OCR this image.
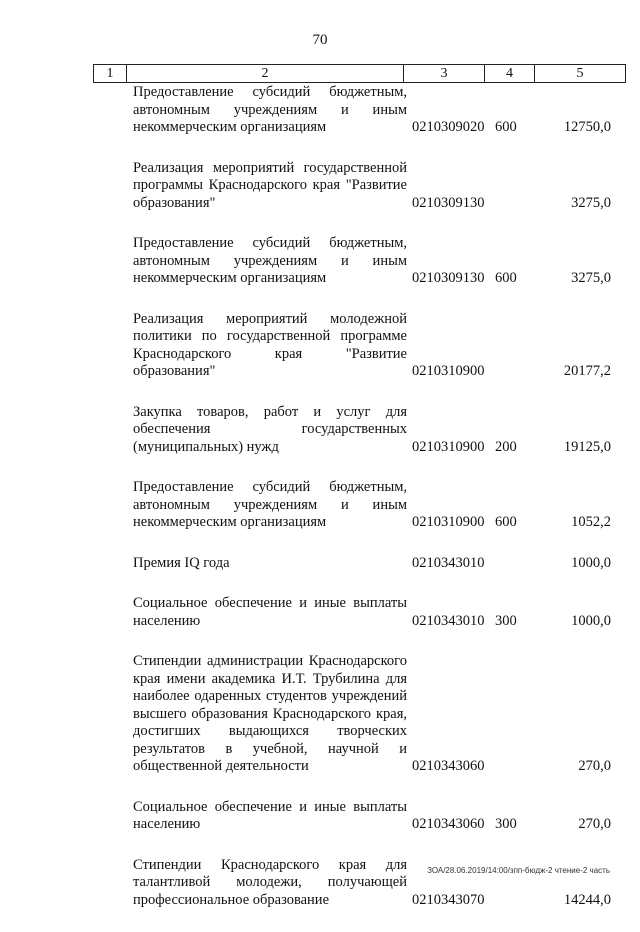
70
1	2	3	4	5
Предоставление субсидий бюджетным, автономным учреждениям и иным некоммерческим организациям	0210309020 600	12750,0
Реализация мероприятий государственной программы Краснодарского края "Развитие образования"	0210309130	3275,0
Предоставление субсидий бюджетным, автономным учреждениям и иным некоммерческим организациям	0210309130 600	3275,0
Реализация мероприятий молодежной политики по государственной программе Краснодарского края "Развитие образования"	0210310900	20177,2
Закупка товаров, работ и услуг для обеспечения государственных (муниципальных) нужд	0210310900 200	19125,0
Предоставление субсидий бюджетным, автономным учреждениям и иным некоммерческим организациям	0210310900 600	1052,2
Премия IQ года	0210343010	1000,0
Социальное обеспечение и иные выплаты населению	0210343010 300	1000,0
Стипендии администрации Краснодарского края имени академика И.Т. Трубилина для наиболее одаренных студентов учреждений высшего образования Краснодарского края, достигших выдающихся творческих результатов в учебной, научной и общественной деятельности	0210343060	270,0
Социальное обеспечение и иные выплаты населению	0210343060 300	270,0
Стипендии Краснодарского края для талантливой молодежи, получающей профессиональное образование	0210343070	14244,0
ЗОА/28.06.2019/14:00/зпп-бюдж-2 чтение-2 часть
